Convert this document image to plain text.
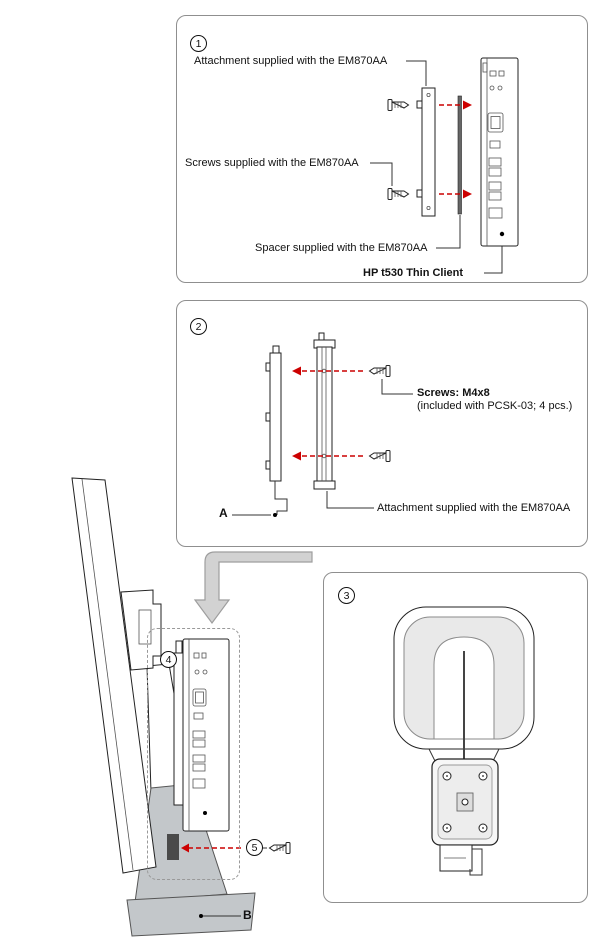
4
5
B
1
Attachment supplied with the EM870AA
Screws supplied with the EM870AA
Spacer supplied with the EM870AA
HP t530 Thin Client
2
Screws: M4x8
(included with PCSK-03; 4 pcs.)
A	Attachment supplied with the EM870AA
3
